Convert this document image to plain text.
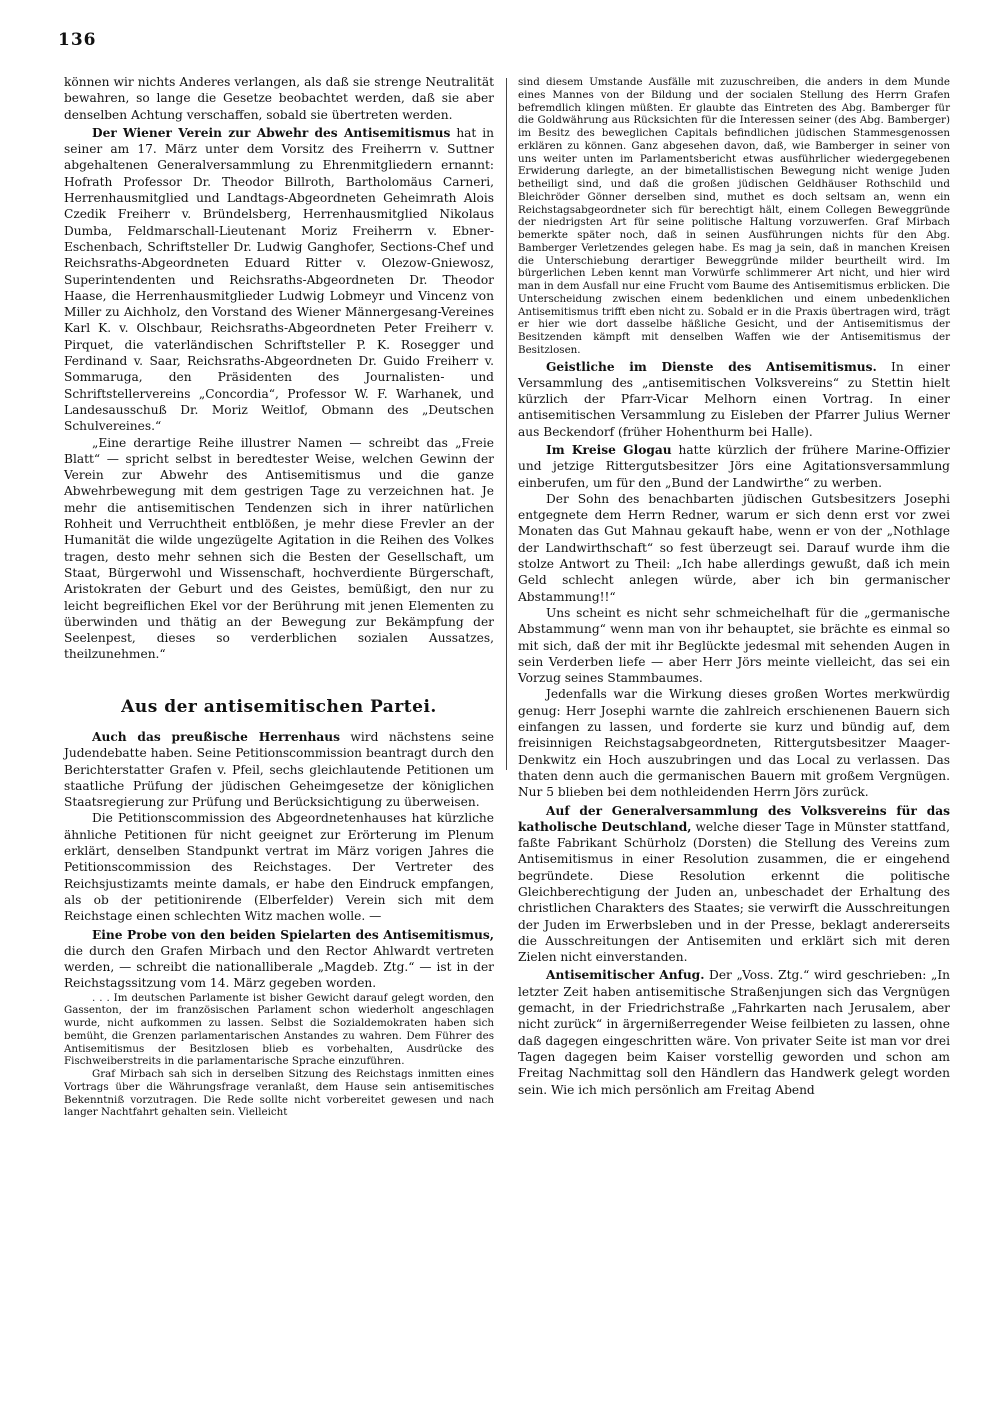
136

können wir nichts Anderes verlangen, als daß sie strenge Neutralität bewahren, so lange die Gesetze beobachtet werden, daß sie aber denselben Achtung verschaffen, sobald sie übertreten werden.

Der Wiener Verein zur Abwehr des Antisemitismus hat in seiner am 17. März unter dem Vorsitz des Freiherrn v. Suttner abgehaltenen Generalversammlung zu Ehrenmitgliedern ernannt: Hofrath Professor Dr. Theodor Billroth, Bartholomäus Carneri, Herrenhausmitglied und Landtags-Abgeordneten Geheimrath Alois Czedik Freiherr v. Bründelsberg, Herrenhausmitglied Nikolaus Dumba, Feldmarschall-Lieutenant Moriz Freiherrn v. Ebner-Eschenbach, Schriftsteller Dr. Ludwig Ganghofer, Sections-Chef und Reichsraths-Abgeordneten Eduard Ritter v. Olezow-Gniewosz, Superintendenten und Reichsraths-Abgeordneten Dr. Theodor Haase, die Herrenhausmitglieder Ludwig Lobmeyr und Vincenz von Miller zu Aichholz, den Vorstand des Wiener Männergesang-Vereines Karl K. v. Olschbaur, Reichsraths-Abgeordneten Peter Freiherr v. Pirquet, die vaterländischen Schriftsteller P. K. Rosegger und Ferdinand v. Saar, Reichsraths-Abgeordneten Dr. Guido Freiherr v. Sommaruga, den Präsidenten des Journalisten- und Schriftstellervereins „Concordia“, Professor W. F. Warhanek, und Landesausschuß Dr. Moriz Weitlof, Obmann des „Deutschen Schulvereines.“

„Eine derartige Reihe illustrer Namen — schreibt das „Freie Blatt“ — spricht selbst in beredtester Weise, welchen Gewinn der Verein zur Abwehr des Antisemitismus und die ganze Abwehrbewegung mit dem gestrigen Tage zu verzeichnen hat. Je mehr die antisemitischen Tendenzen sich in ihrer natürlichen Rohheit und Verruchtheit entblößen, je mehr diese Frevler an der Humanität die wilde ungezügelte Agitation in die Reihen des Volkes tragen, desto mehr sehnen sich die Besten der Gesellschaft, um Staat, Bürgerwohl und Wissenschaft, hochverdiente Bürgerschaft, Aristokraten der Geburt und des Geistes, bemüßigt, den nur zu leicht begreiflichen Ekel vor der Berührung mit jenen Elementen zu überwinden und thätig an der Bewegung zur Bekämpfung der Seelenpest, dieses so verderblichen sozialen Aussatzes, theilzunehmen.“

Aus der antisemitischen Partei.

Auch das preußische Herrenhaus wird nächstens seine Judendebatte haben. Seine Petitionscommission beantragt durch den Berichterstatter Grafen v. Pfeil, sechs gleichlautende Petitionen um staatliche Prüfung der jüdischen Geheimgesetze der königlichen Staatsregierung zur Prüfung und Berücksichtigung zu überweisen.

Die Petitionscommission des Abgeordnetenhauses hat kürzliche ähnliche Petitionen für nicht geeignet zur Erörterung im Plenum erklärt, denselben Standpunkt vertrat im März vorigen Jahres die Petitionscommission des Reichstages. Der Vertreter des Reichsjustizamts meinte damals, er habe den Eindruck empfangen, als ob der petitionirende (Elberfelder) Verein sich mit dem Reichstage einen schlechten Witz machen wolle. —

Eine Probe von den beiden Spielarten des Antisemitismus, die durch den Grafen Mirbach und den Rector Ahlwardt vertreten werden, — schreibt die nationalliberale „Magdeb. Ztg.“ — ist in der Reichstagssitzung vom 14. März gegeben worden.

. . . Im deutschen Parlamente ist bisher Gewicht darauf gelegt worden, den Gassenton, der im französischen Parlament schon wiederholt angeschlagen wurde, nicht aufkommen zu lassen. Selbst die Sozialdemokraten haben sich bemüht, die Grenzen parlamentarischen Anstandes zu wahren. Dem Führer des Antisemitismus der Besitzlosen blieb es vorbehalten, Ausdrücke des Fischweiberstreits in die parlamentarische Sprache einzuführen.

Graf Mirbach sah sich in derselben Sitzung des Reichstags inmitten eines Vortrags über die Währungsfrage veranlaßt, dem Hause sein antisemitisches Bekenntniß vorzutragen. Die Rede sollte nicht vorbereitet gewesen und nach langer Nachtfahrt gehalten sein. Vielleicht

sind diesem Umstande Ausfälle mit zuzuschreiben, die anders in dem Munde eines Mannes von der Bildung und der socialen Stellung des Herrn Grafen befremdlich klingen müßten. Er glaubte das Eintreten des Abg. Bamberger für die Goldwährung aus Rücksichten für die Interessen seiner (des Abg. Bamberger) im Besitz des beweglichen Capitals befindlichen jüdischen Stammesgenossen erklären zu können. Ganz abgesehen davon, daß, wie Bamberger in seiner von uns weiter unten im Parlamentsbericht etwas ausführlicher wiedergegebenen Erwiderung darlegte, an der bimetallistischen Bewegung nicht wenige Juden betheiligt sind, und daß die großen jüdischen Geldhäuser Rothschild und Bleichröder Gönner derselben sind, muthet es doch seltsam an, wenn ein Reichstagsabgeordneter sich für berechtigt hält, einem Collegen Beweggründe der niedrigsten Art für seine politische Haltung vorzuwerfen. Graf Mirbach bemerkte später noch, daß in seinen Ausführungen nichts für den Abg. Bamberger Verletzendes gelegen habe. Es mag ja sein, daß in manchen Kreisen die Unterschiebung derartiger Beweggründe milder beurtheilt wird. Im bürgerlichen Leben kennt man Vorwürfe schlimmerer Art nicht, und hier wird man in dem Ausfall nur eine Frucht vom Baume des Antisemitismus erblicken. Die Unterscheidung zwischen einem bedenklichen und einem unbedenklichen Antisemitismus trifft eben nicht zu. Sobald er in die Praxis übertragen wird, trägt er hier wie dort dasselbe häßliche Gesicht, und der Antisemitismus der Besitzenden kämpft mit denselben Waffen wie der Antisemitismus der Besitzlosen.

Geistliche im Dienste des Antisemitismus. In einer Versammlung des „antisemitischen Volksvereins“ zu Stettin hielt kürzlich der Pfarr-Vicar Melhorn einen Vortrag. In einer antisemitischen Versammlung zu Eisleben der Pfarrer Julius Werner aus Beckendorf (früher Hohenthurm bei Halle).

Im Kreise Glogau hatte kürzlich der frühere Marine-Offizier und jetzige Rittergutsbesitzer Jörs eine Agitationsversammlung einberufen, um für den „Bund der Landwirthe“ zu werben.

Der Sohn des benachbarten jüdischen Gutsbesitzers Josephi entgegnete dem Herrn Redner, warum er sich denn erst vor zwei Monaten das Gut Mahnau gekauft habe, wenn er von der „Nothlage der Landwirthschaft“ so fest überzeugt sei. Darauf wurde ihm die stolze Antwort zu Theil: „Ich habe allerdings gewußt, daß ich mein Geld schlecht anlegen würde, aber ich bin germanischer Abstammung!!“

Uns scheint es nicht sehr schmeichelhaft für die „germanische Abstammung“ wenn man von ihr behauptet, sie brächte es einmal so mit sich, daß der mit ihr Beglückte jedesmal mit sehenden Augen in sein Verderben liefe — aber Herr Jörs meinte vielleicht, das sei ein Vorzug seines Stammbaumes.

Jedenfalls war die Wirkung dieses großen Wortes merkwürdig genug: Herr Josephi warnte die zahlreich erschienenen Bauern sich einfangen zu lassen, und forderte sie kurz und bündig auf, dem freisinnigen Reichstagsabgeordneten, Rittergutsbesitzer Maager-Denkwitz ein Hoch auszubringen und das Local zu verlassen. Das thaten denn auch die germanischen Bauern mit großem Vergnügen. Nur 5 blieben bei dem nothleidenden Herrn Jörs zurück.

Auf der Generalversammlung des Volksvereins für das katholische Deutschland, welche dieser Tage in Münster stattfand, faßte Fabrikant Schürholz (Dorsten) die Stellung des Vereins zum Antisemitismus in einer Resolution zusammen, die er eingehend begründete. Diese Resolution erkennt die politische Gleichberechtigung der Juden an, unbeschadet der Erhaltung des christlichen Charakters des Staates; sie verwirft die Ausschreitungen der Juden im Erwerbsleben und in der Presse, beklagt andererseits die Ausschreitungen der Antisemiten und erklärt sich mit deren Zielen nicht einverstanden.

Antisemitischer Anfug. Der „Voss. Ztg.“ wird geschrieben: „In letzter Zeit haben antisemitische Straßenjungen sich das Vergnügen gemacht, in der Friedrichstraße „Fahrkarten nach Jerusalem, aber nicht zurück“ in ärgernißerregender Weise feilbieten zu lassen, ohne daß dagegen eingeschritten wäre. Von privater Seite ist man vor drei Tagen dagegen beim Kaiser vorstellig geworden und schon am Freitag Nachmittag soll den Händlern das Handwerk gelegt worden sein. Wie ich mich persönlich am Freitag Abend
